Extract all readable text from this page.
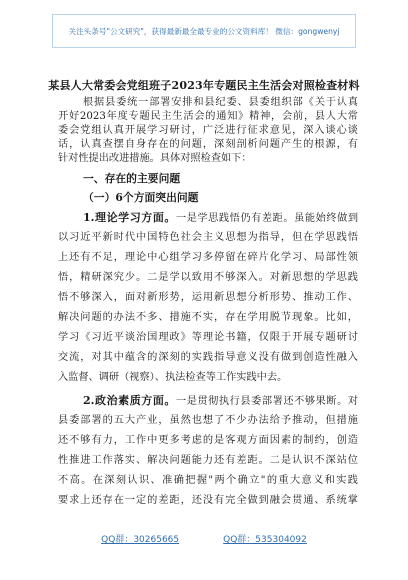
关注头条号"公文研究"，获得最新最全最专业的公文资料库！ 微信：gongwenyj
某县人大常委会党组班子2023年专题民主生活会对照检查材料
根据县委统一部署安排和县纪委、县委组织部《关于认真
开好2023年度专题民主生活会的通知》精神，会前，县人大常
委会党组认真开展学习研讨，广泛进行征求意见，深入谈心谈
话，认真查摆自身存在的问题，深刻剖析问题产生的根源，有
针对性提出改进措施。具体对照检查如下：
一、存在的主要问题
（一）6个方面突出问题
1.理论学习方面。一是学思践悟仍有差距。虽能始终做到
以习近平新时代中国特色社会主义思想为指导，但在学思践悟
上还有不足，理论中心组学习多停留在碎片化学习、局部性领
悟，精研深究少。二是学以致用不够深入。对新思想的学思践
悟不够深入，面对新形势，运用新思想分析形势、推动工作、
解决问题的办法不多、措施不实，存在学用脱节现象。比如，
学习《习近平谈治国理政》等理论书籍，仅限于开展专题研讨
交流，对其中蕴含的深刻的实践指导意义没有做到创造性融入
入监督、调研（视察）、执法检查等工作实践中去。
2.政治素质方面。一是贯彻执行县委部署还不够果断。对
县委部署的五大产业，虽然也想了不少办法给予推动，但措施
还不够有力，工作中更多考虑的是客观方面因素的制约，创造
性推进工作落实、解决问题能力还有差距。二是认识不深站位
不高。在深刻认识、准确把握"两个确立"的重大意义和实践
要求上还存在一定的差距，还没有完全做到融会贯通、系统掌
QQ群：30265665	QQ群：535304092
